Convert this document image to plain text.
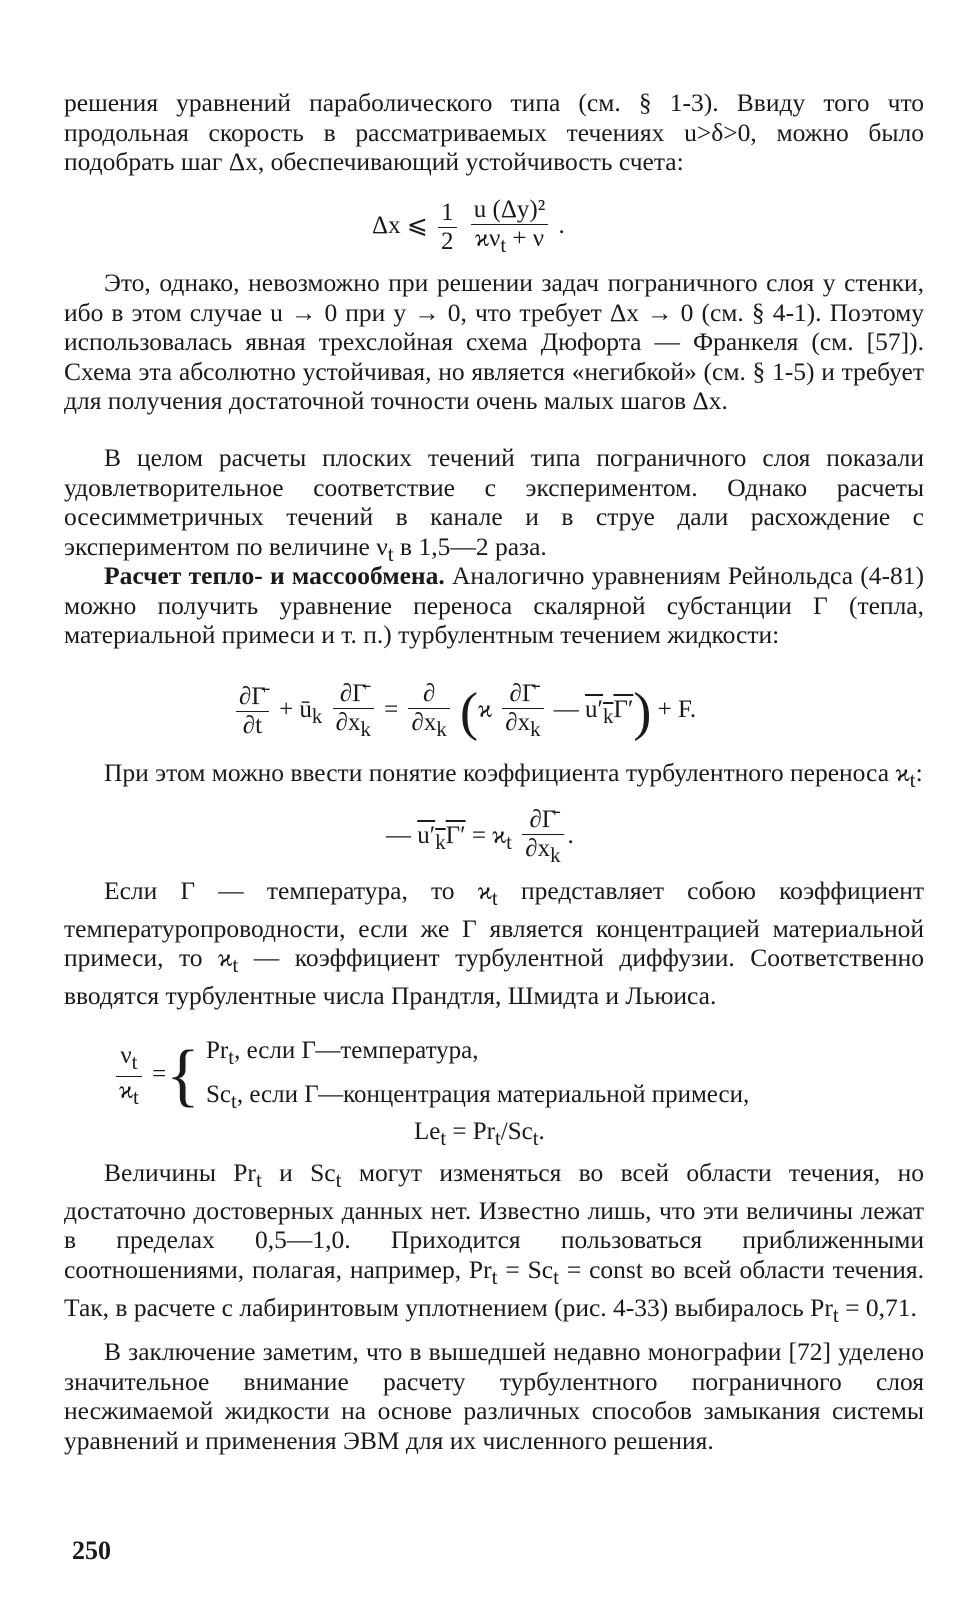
решения уравнений параболического типа (см. § 1-3). Ввиду того что продольная скорость в рассматриваемых течениях u>δ>0, можно было подобрать шаг Δx, обеспечивающий устойчивость счета:
Δx ⩽ $\frac{1}{2}$
$\frac{\text{u (Δy)²}}{ϰ\nu_t + \nu}$ .
Это, однако, невозможно при решении задач пограничного слоя у стенки, ибо в этом случае u → 0 при y → 0, что требует Δx → 0 (см. § 4-1). Поэтому использовалась явная трехслойная схема Дюфорта — Франкеля (см. [57]). Схема эта абсолютно устойчивая, но является «негибкой» (см. § 1-5) и требует для получения достаточной точности очень малых шагов Δx.
В целом расчеты плоских течений типа пограничного слоя показали удовлетворительное соответствие с экспериментом. Однако расчеты осесимметричных течений в канале и в струе дали расхождение с экспериментом по величине $\nu_t$ в 1,5—2 раза.
Расчет тепло- и массообмена. Аналогично уравнениям Рейнольдса (4-81) можно получить уравнение переноса скалярной субстанции Г (тепла, материальной примеси и т. п.) турбулентным течением жидкости:
$\frac{\partial\Gammā}{\partial t}$ + $ū_k \frac{\partial\Gammā}{\partial x_k} = \frac{\partial}{\partial x_k} (ϰ \frac{\partial\Gammā}{\partial x_k}$ — $u'_k\Gamma') + F$.
При этом можно ввести понятие коэффициента турбулентного переноса $ϰ_t$:
— $u'_k\Gamma' = ϰ_t \frac{\partial\Gammā}{\partial x_k}$ .
Если Г — температура, то $ϰ_t$ представляет собою коэффициент температуропроводности, если же Г является концентрацией материальной примеси, то $ϰ_t$ — коэффициент турбулентной диффузии. Соответственно вводятся турбулентные числа Прандтля, Шмидта и Льюиса.
$\frac{\nu_t}{ϰ_t}$ ={ $Pr_t$, если Г—температура,
$Sc_t$, если Г—концентрация материальной примеси,
$Le_t = Pr_t/Sc_t$.
Величины $Pr_t$ и $Sc_t$ могут изменяться во всей области течения, но достаточно достоверных данных нет. Известно лишь, что эти величины лежат в пределах 0,5—1,0. Приходится пользоваться приближенными соотношениями, полагая, например, $Pr_t = Sc_t$ = const во всей области течения. Так, в расчете с лабиринтовым уплотнением (рис. 4-33) выбиралось $Pr_t = 0,71$.
В заключение заметим, что в вышедшей недавно монографии [72] уделено значительное внимание расчету турбулентного пограничного слоя несжимаемой жидкости на основе различных способов замыкания системы уравнений и применения ЭВМ для их численного решения.
250
